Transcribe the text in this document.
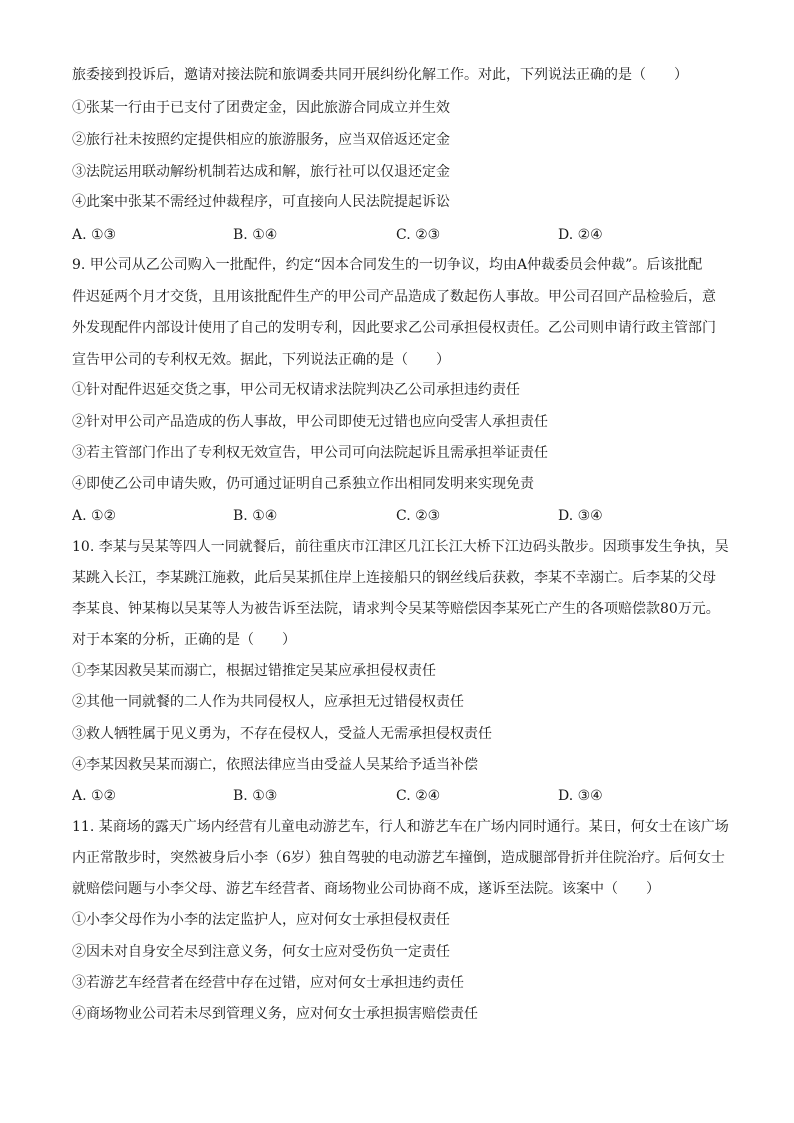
旅委接到投诉后，邀请对接法院和旅调委共同开展纠纷化解工作。对此，下列说法正确的是（　　）
①张某一行由于已支付了团费定金，因此旅游合同成立并生效
②旅行社未按照约定提供相应的旅游服务，应当双倍返还定金
③法院运用联动解纷机制若达成和解，旅行社可以仅退还定金
④此案中张某不需经过仲裁程序，可直接向人民法院提起诉讼
A. ①③	B. ①④	C. ②③	D. ②④
9. 甲公司从乙公司购入一批配件，约定“因本合同发生的一切争议，均由A仲裁委员会仲裁”。后该批配
件迟延两个月才交货，且用该批配件生产的甲公司产品造成了数起伤人事故。甲公司召回产品检验后，意
外发现配件内部设计使用了自己的发明专利，因此要求乙公司承担侵权责任。乙公司则申请行政主管部门
宣告甲公司的专利权无效。据此，下列说法正确的是（　　）
①针对配件迟延交货之事，甲公司无权请求法院判决乙公司承担违约责任
②针对甲公司产品造成的伤人事故，甲公司即使无过错也应向受害人承担责任
③若主管部门作出了专利权无效宣告，甲公司可向法院起诉且需承担举证责任
④即使乙公司申请失败，仍可通过证明自己系独立作出相同发明来实现免责
A. ①②	B. ①④	C. ②③	D. ③④
10. 李某与吴某等四人一同就餐后，前往重庆市江津区几江长江大桥下江边码头散步。因琐事发生争执，吴
某跳入长江，李某跳江施救，此后吴某抓住岸上连接船只的钢丝线后获救，李某不幸溺亡。后李某的父母
李某良、钟某梅以吴某等人为被告诉至法院，请求判令吴某等赔偿因李某死亡产生的各项赔偿款80万元。
对于本案的分析，正确的是（　　）
①李某因救吴某而溺亡，根据过错推定吴某应承担侵权责任
②其他一同就餐的二人作为共同侵权人，应承担无过错侵权责任
③救人牺牲属于见义勇为，不存在侵权人，受益人无需承担侵权责任
④李某因救吴某而溺亡，依照法律应当由受益人吴某给予适当补偿
A. ①②	B. ①③	C. ②④	D. ③④
11. 某商场的露天广场内经营有儿童电动游艺车，行人和游艺车在广场内同时通行。某日，何女士在该广场
内正常散步时，突然被身后小李（6岁）独自驾驶的电动游艺车撞倒，造成腿部骨折并住院治疗。后何女士
就赔偿问题与小李父母、游艺车经营者、商场物业公司协商不成，遂诉至法院。该案中（　　）
①小李父母作为小李的法定监护人，应对何女士承担侵权责任
②因未对自身安全尽到注意义务，何女士应对受伤负一定责任
③若游艺车经营者在经营中存在过错，应对何女士承担违约责任
④商场物业公司若未尽到管理义务，应对何女士承担损害赔偿责任
